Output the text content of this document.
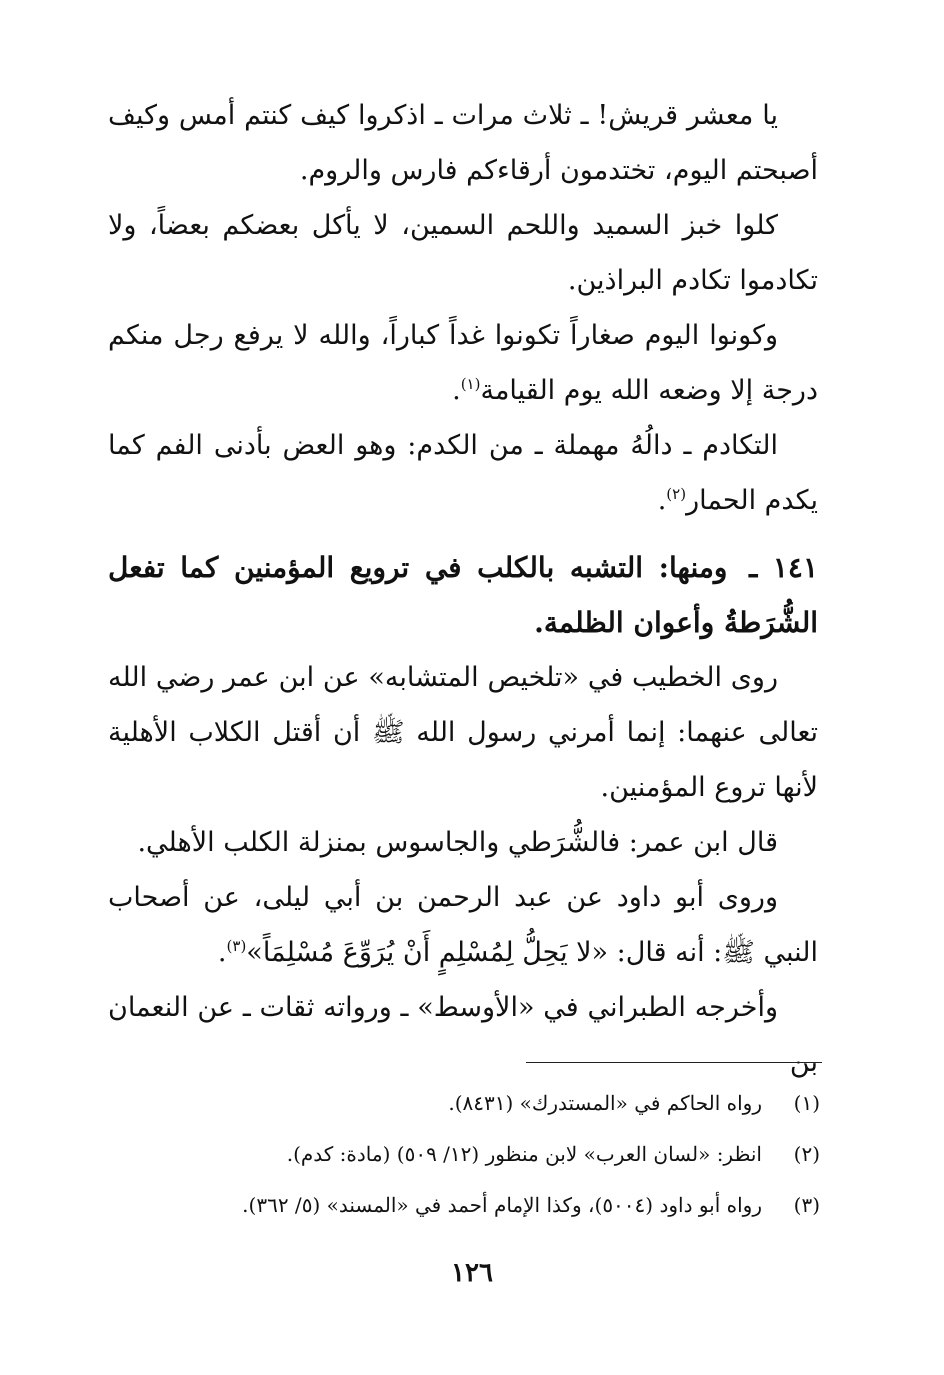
يا معشر قريش! ـ ثلاث مرات ـ اذكروا كيف كنتم أمس وكيف أصبحتم اليوم، تختدمون أرقاءكم فارس والروم.

كلوا خبز السميد واللحم السمين، لا يأكل بعضكم بعضاً، ولا تكادموا تكادم البراذين.

وكونوا اليوم صغاراً تكونوا غداً كباراً، والله لا يرفع رجل منكم درجة إلا وضعه الله يوم القيامة$^{(١)}$.

التكادم ـ دالُهُ مهملة ـ من الكدم: وهو العض بأدنى الفم كما يكدم الحمار$^{(٢)}$.

١٤١ ـ ومنها: التشبه بالكلب في ترويع المؤمنين كما تفعل الشُّرَطةُ وأعوان الظلمة.

روى الخطيب في «تلخيص المتشابه» عن ابن عمر رضي الله تعالى عنهما: إنما أمرني رسول الله ﷺ أن أقتل الكلاب الأهلية لأنها تروع المؤمنين.

قال ابن عمر: فالشُّرَطي والجاسوس بمنزلة الكلب الأهلي.

وروى أبو داود عن عبد الرحمن بن أبي ليلى، عن أصحاب النبي ﷺ: أنه قال: «لا يَحِلُّ لِمُسْلِمٍ أَنْ يُرَوِّعَ مُسْلِمَاً»$^{(٣)}$.

وأخرجه الطبراني في «الأوسط» ـ ورواته ثقات ـ عن النعمان بن

(١)رواه الحاكم في «المستدرك» (٨٤٣١).

(٢)انظر: «لسان العرب» لابن منظور (١٢/ ٥٠٩) (مادة: كدم).

(٣)رواه أبو داود (٥٠٠٤)، وكذا الإمام أحمد في «المسند» (٥/ ٣٦٢).

١٢٦
